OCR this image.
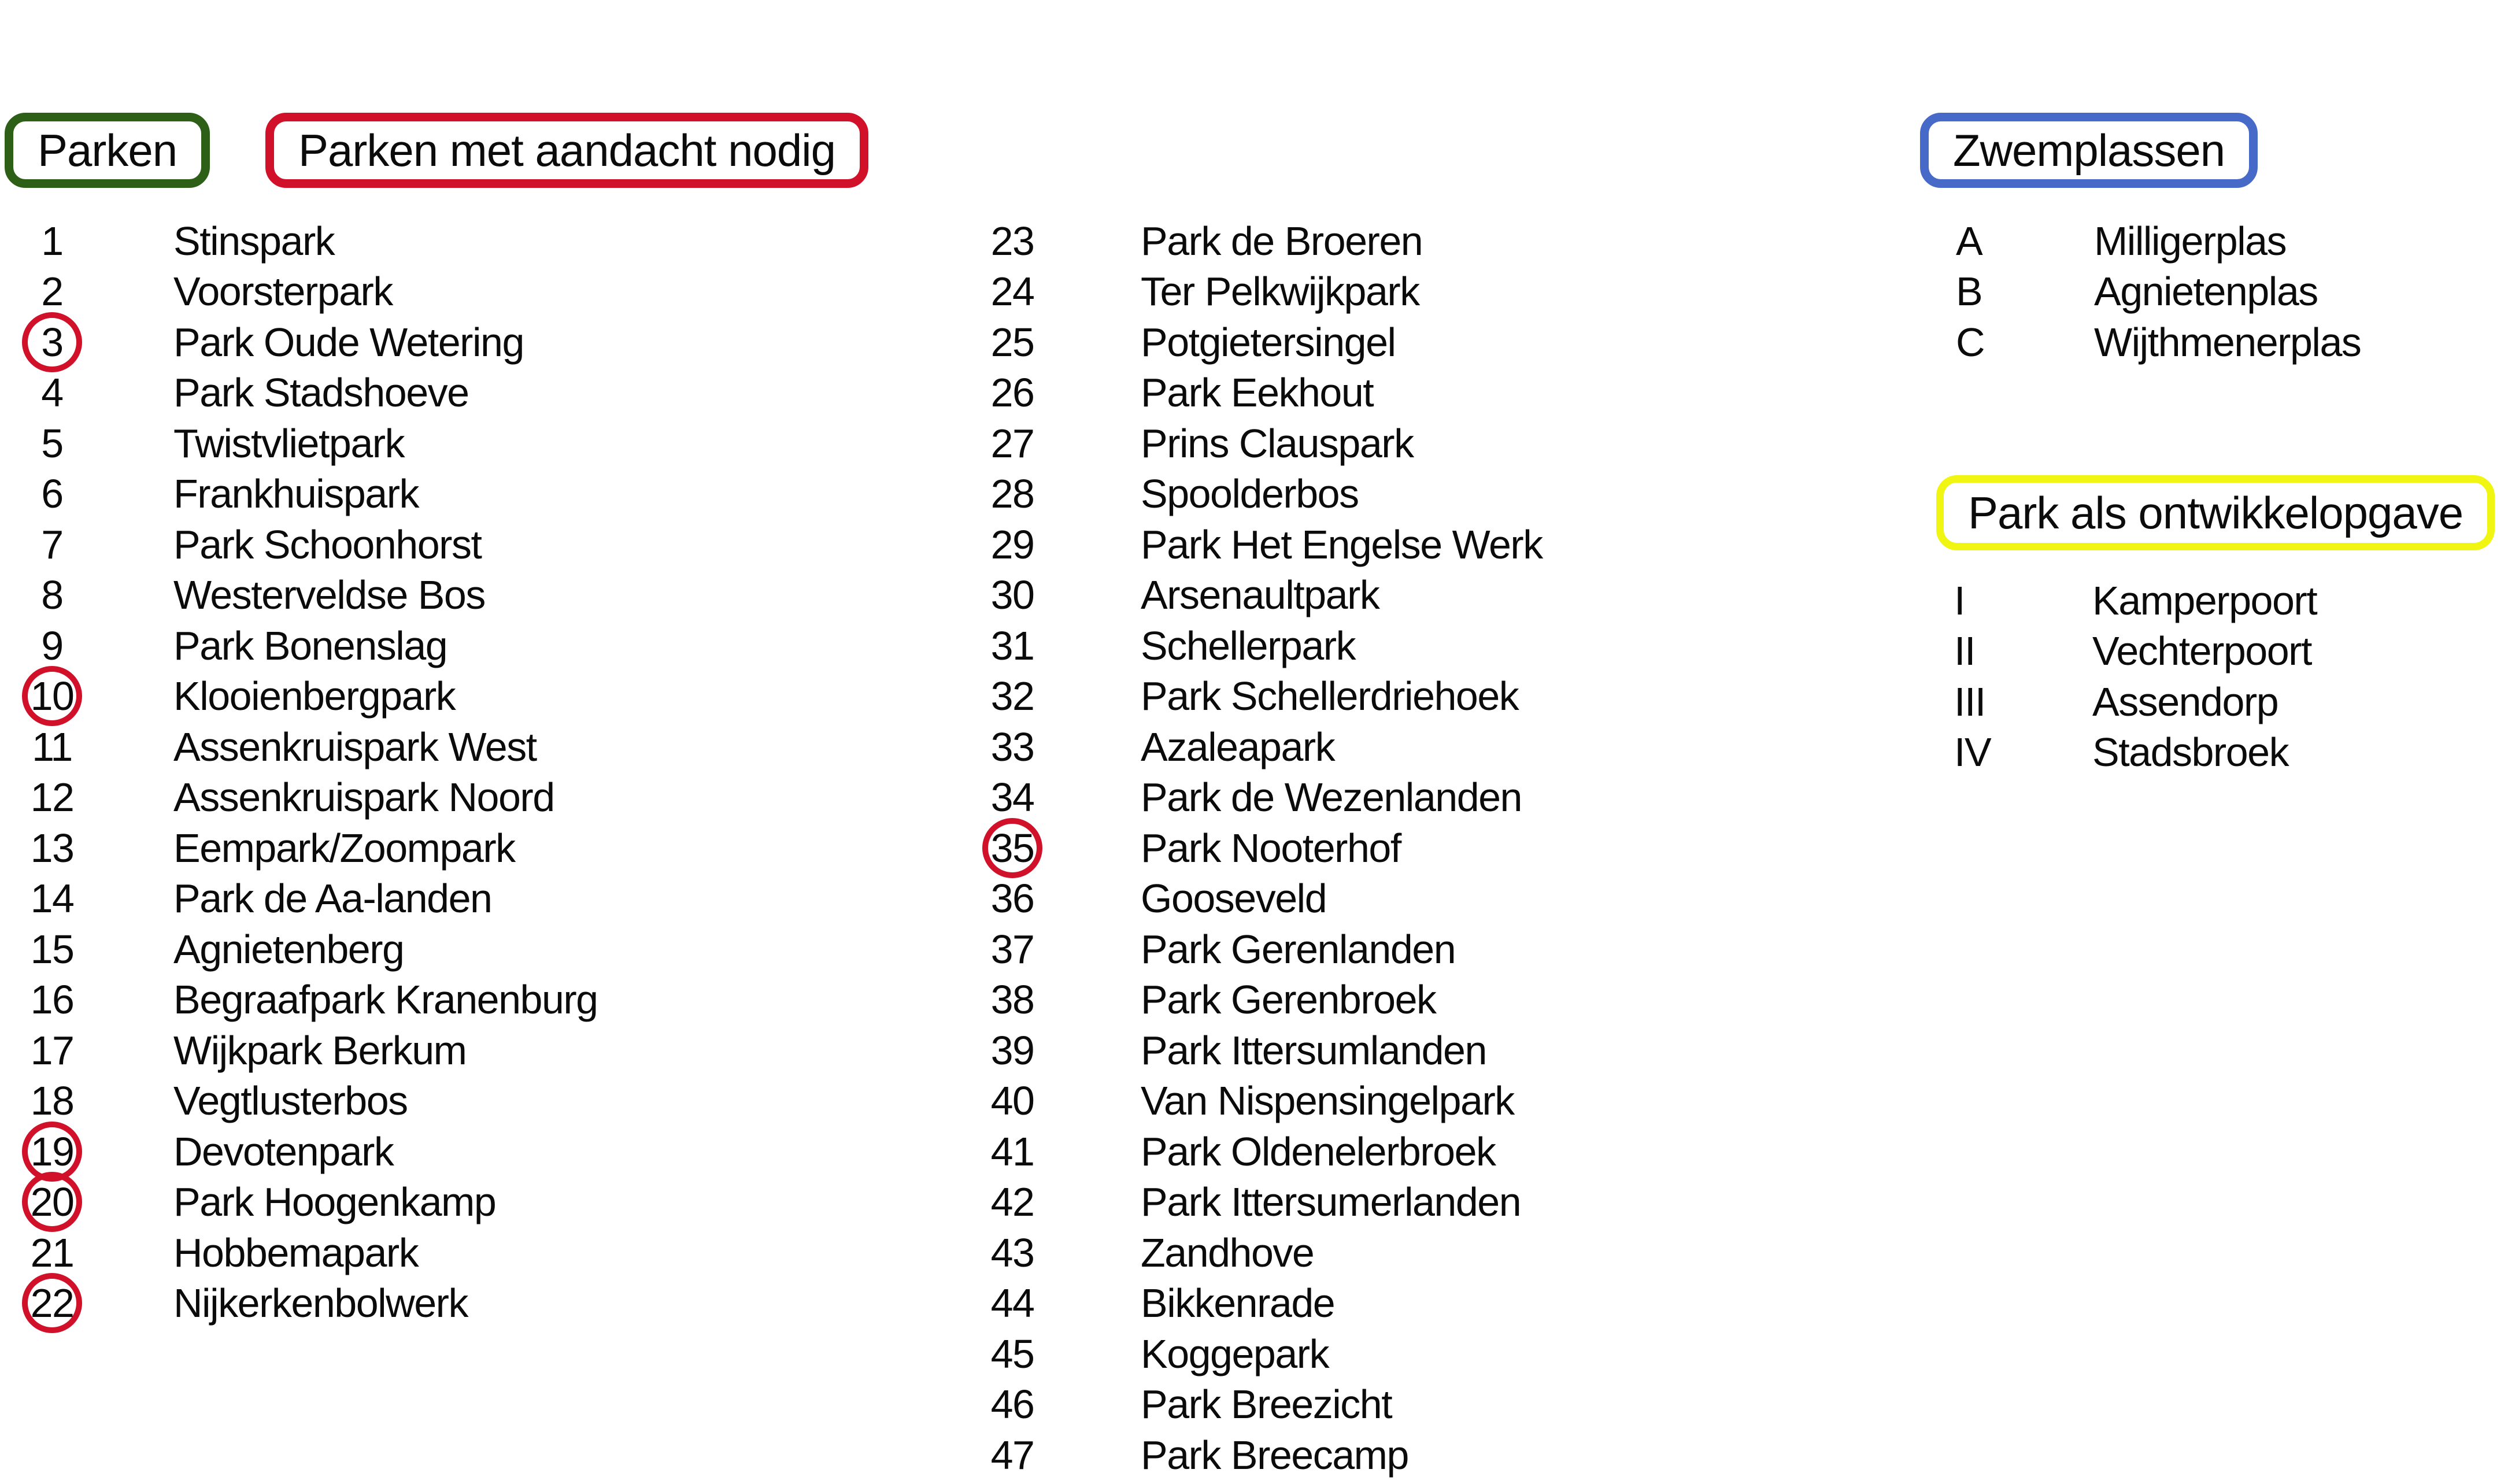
Parken	Parken met aandacht nodig	Zwemplassen
Park als ontwikkelopgave
1	Stinspark
2	Voorsterpark
3	Park Oude Wetering
4	Park Stadshoeve
5	Twistvlietpark
6	Frankhuispark
7	Park Schoonhorst
8	Westerveldse Bos
9	Park Bonenslag
10 Klooienbergpark
11	Assenkruispark West
12 Assenkruispark Noord
13 Eempark/Zoompark
14 Park de Aa-landen
15 Agnietenberg
16 Begraafpark Kranenburg
17 Wijkpark Berkum
18 Vegtlusterbos
19 Devotenpark
20 Park Hoogenkamp
21 Hobbemapark
22 Nijkerkenbolwerk
23	Park de Broeren
24	Ter Pelkwijkpark
25	Potgietersingel
26	Park Eekhout
27	Prins Clauspark
28	Spoolderbos
29	Park Het Engelse Werk
30	Arsenaultpark
31	Schellerpark
32	Park Schellerdriehoek
33	Azaleapark
34	Park de Wezenlanden
35	Park Nooterhof
36	Gooseveld
37	Park Gerenlanden
38	Park Gerenbroek
39	Park Ittersumlanden
40	Van Nispensingelpark
41	Park Oldenelerbroek
42	Park Ittersumerlanden
43	Zandhove
44	Bikkenrade
45	Koggepark
46	Park Breezicht
47	Park Breecamp
A	Milligerplas
B	Agnietenplas
C	Wijthmenerplas
I	Kamperpoort
II	Vechterpoort
III	Assendorp
IV	Stadsbroek
